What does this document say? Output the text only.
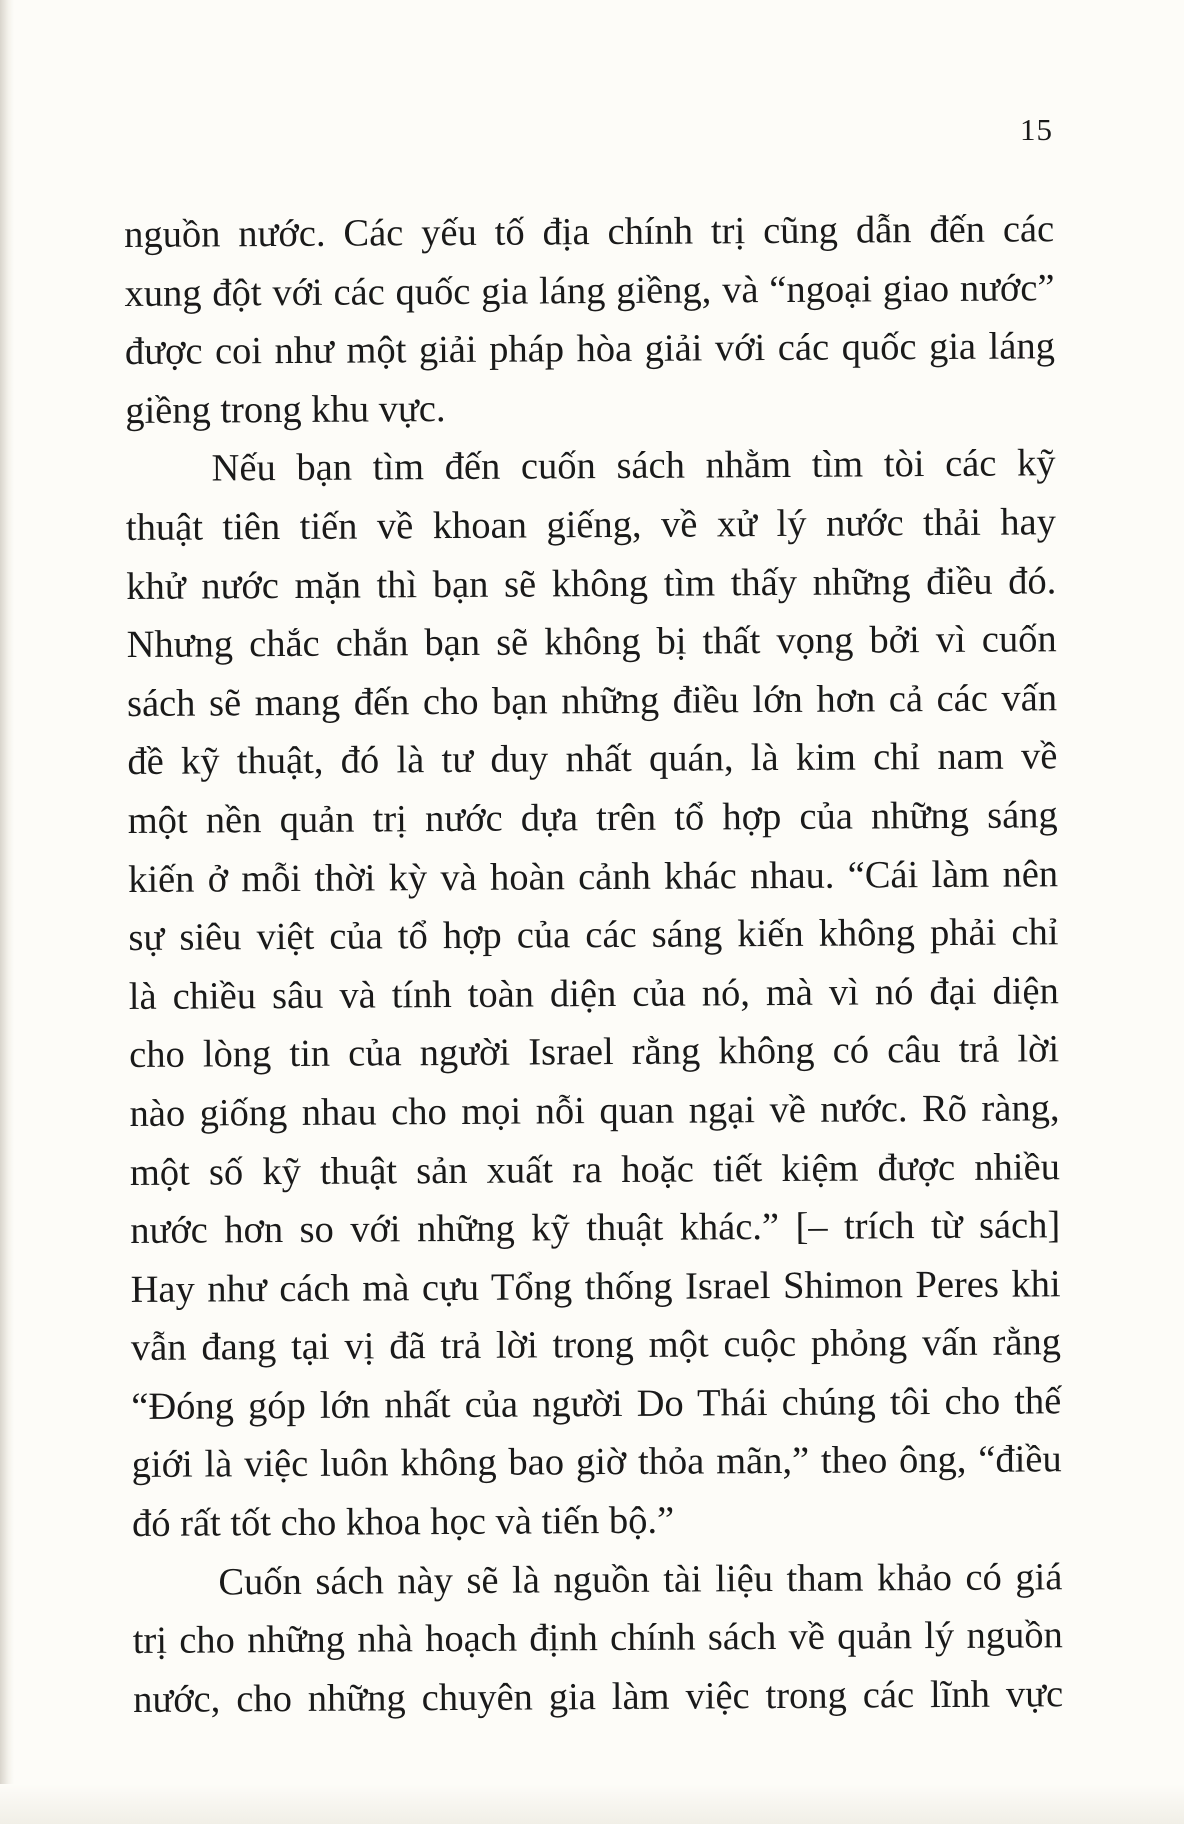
15
nguồn nước. Các yếu tố địa chính trị cũng dẫn đến các
xung đột với các quốc gia láng giềng, và “ngoại giao nước”
được coi như một giải pháp hòa giải với các quốc gia láng
giềng trong khu vực.
Nếu bạn tìm đến cuốn sách nhằm tìm tòi các kỹ
thuật tiên tiến về khoan giếng, về xử lý nước thải hay
khử nước mặn thì bạn sẽ không tìm thấy những điều đó.
Nhưng chắc chắn bạn sẽ không bị thất vọng bởi vì cuốn
sách sẽ mang đến cho bạn những điều lớn hơn cả các vấn
đề kỹ thuật, đó là tư duy nhất quán, là kim chỉ nam về
một nền quản trị nước dựa trên tổ hợp của những sáng
kiến ở mỗi thời kỳ và hoàn cảnh khác nhau. “Cái làm nên
sự siêu việt của tổ hợp của các sáng kiến không phải chỉ
là chiều sâu và tính toàn diện của nó, mà vì nó đại diện
cho lòng tin của người Israel rằng không có câu trả lời
nào giống nhau cho mọi nỗi quan ngại về nước. Rõ ràng,
một số kỹ thuật sản xuất ra hoặc tiết kiệm được nhiều
nước hơn so với những kỹ thuật khác.” [– trích từ sách]
Hay như cách mà cựu Tổng thống Israel Shimon Peres khi
vẫn đang tại vị đã trả lời trong một cuộc phỏng vấn rằng
“Đóng góp lớn nhất của người Do Thái chúng tôi cho thế
giới là việc luôn không bao giờ thỏa mãn,” theo ông, “điều
đó rất tốt cho khoa học và tiến bộ.”
Cuốn sách này sẽ là nguồn tài liệu tham khảo có giá
trị cho những nhà hoạch định chính sách về quản lý nguồn
nước, cho những chuyên gia làm việc trong các lĩnh vực
